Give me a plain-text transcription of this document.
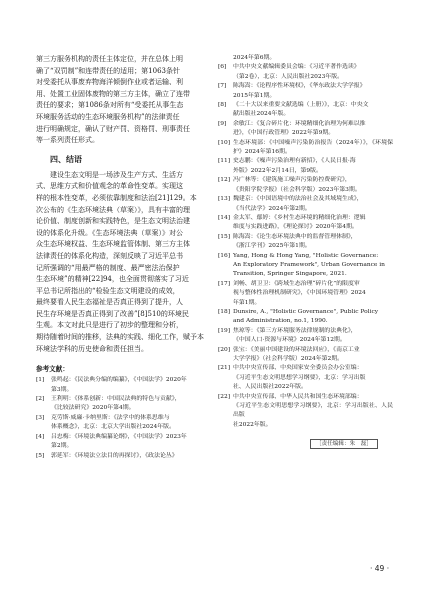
第三方服务机构的责任主体定位，并在总体上明
确了“双罚制”和连带责任的适用；第1063条针
对受委托从事废弃物海洋倾倒作业或者运输、利
用、处置工业固体废物的第三方主体，确立了连带
责任的要求；第1086条对所有“受委托从事生态
环境服务活动的生态环境服务机构”的法律责任
进行明确规定，确认了财产罚、资格罚、刑事责任
等一系列责任形式。
四、结语
建设生态文明是一场涉及生产方式、生活方
式、思维方式和价值观念的革命性变革。实现这
样的根本性变革，必须依靠制度和法治[21]129。本
次公布的《生态环境法典（草案）》，具有丰富的理
论价值、制度创新和实践特色，是生态文明法治建
设的体系化升级。《生态环境法典（草案）》对公
众生态环境权益、生态环境监管体制、第三方主体
法律责任的体系化构造，深刻反映了习近平总书
记所强调的“用最严格的制度、最严密法治保护
生态环境”的精神[22]94，也全面贯彻落实了习近
平总书记所指出的“检验生态文明建设的成效，
最终要看人民生态福祉是否真正得到了提升，人
民生存环境是否真正得到了改善”[8]510的环境民
生观。本文对此只是进行了初步的整理和分析，
期待随着时间的推移，法典的实践、细化工作，赋予本
环境法学科的历史使命和责任担当。
参考文献：
[1]	张鸣起：《民法典分编的编纂》，《中国法学》2020年
第3期。
[2]	王利明：《体系创新：中国民法典的特色与贡献》，
《比较法研究》2020年第4期。
[3]	克劳斯·威廉·卡纳里斯：《法学中的体系思维与
体系概念》，北京：北京大学出版社2024年版。
[4]	吕忠梅：《环境法典编纂论纲》，《中国法学》2023年
第2期。
[5]	郭延军：《环境法立法目的再探讨》，《政法论丛》
2024年第6期。
[6]	中共中央文献编辑委员会编：《习近平著作选读》
（第2卷），北京：人民出版社2023年版。
[7]	陈海嵩：《论程序性环境权》，《华东政法大学学报》
2015年第1期。
[8]	《二十大以来重要文献选编（上册）》，北京：中央文
献出版社2024年版。
[9]	余敏江：《复合碎片化：环境精细化治理为何难以推
进》，《中国行政管理》2022年第9期。
[10] 生态环境部：《中国噪声污染防治报告（2024年）》，《环境保护》2024年第16期。
[11] 史志鹏：《噪声污染治理有新招》，《人民日报·海
外版》2022年2月14日，第9版。
[12] 冯广林等：《建筑施工噪声污染防控费研究》，
《贵阳学院学报》（社会科学版）2023年第3期。
[13] 魏建京：《中国语境中的法治社会及其域境生成》，
《当代法学》2024年第2期。
[14] 金太军、鄢婷：《乡村生态环境的精细化治理：逻辑
维度与实践进路》，《理论探讨》2020年第4期。
[15] 陈海嵩：《论生态环境法典中的监督管理体制》，
《浙江学刊》2025年第1期。
[16] Yang, Hong & Hong Yang, "Holistic Governance:
An Exploratory Framework", Urban Governance in
Transition, Springer Singapore, 2021.
[17] 刘畅、胡卫卫：《跨域生态治理“碎片化”的限度审
视与整体性治理机制研究》，《中国环境管理》2024
年第1期。
[18] Dunsire, A., "Holistic Governance", Public Policy
and Administration, no.1, 1990.
[19] 焦琼等：《第三方环境服务法律规制的法典化》，
《中国人口·资源与环境》2024年第12期。
[20] 张宝：《美丽中国建设的环境法回应》，《南京工业
大学学报》（社会科学版）2024年第2期。
[21] 中共中央宣传部、中央国家安全委员会办公室编：
《习近平生态文明思想学习纲要》，北京：学习出版
社、人民出版社2022年版。
[22] 中共中央宣传部、中华人民共和国生态环境部编：
《习近平生态文明思想学习纲要》，北京：学习出版社、人民出版
社2022年版。
［责任编辑：朱　磊］
· 49 ·
